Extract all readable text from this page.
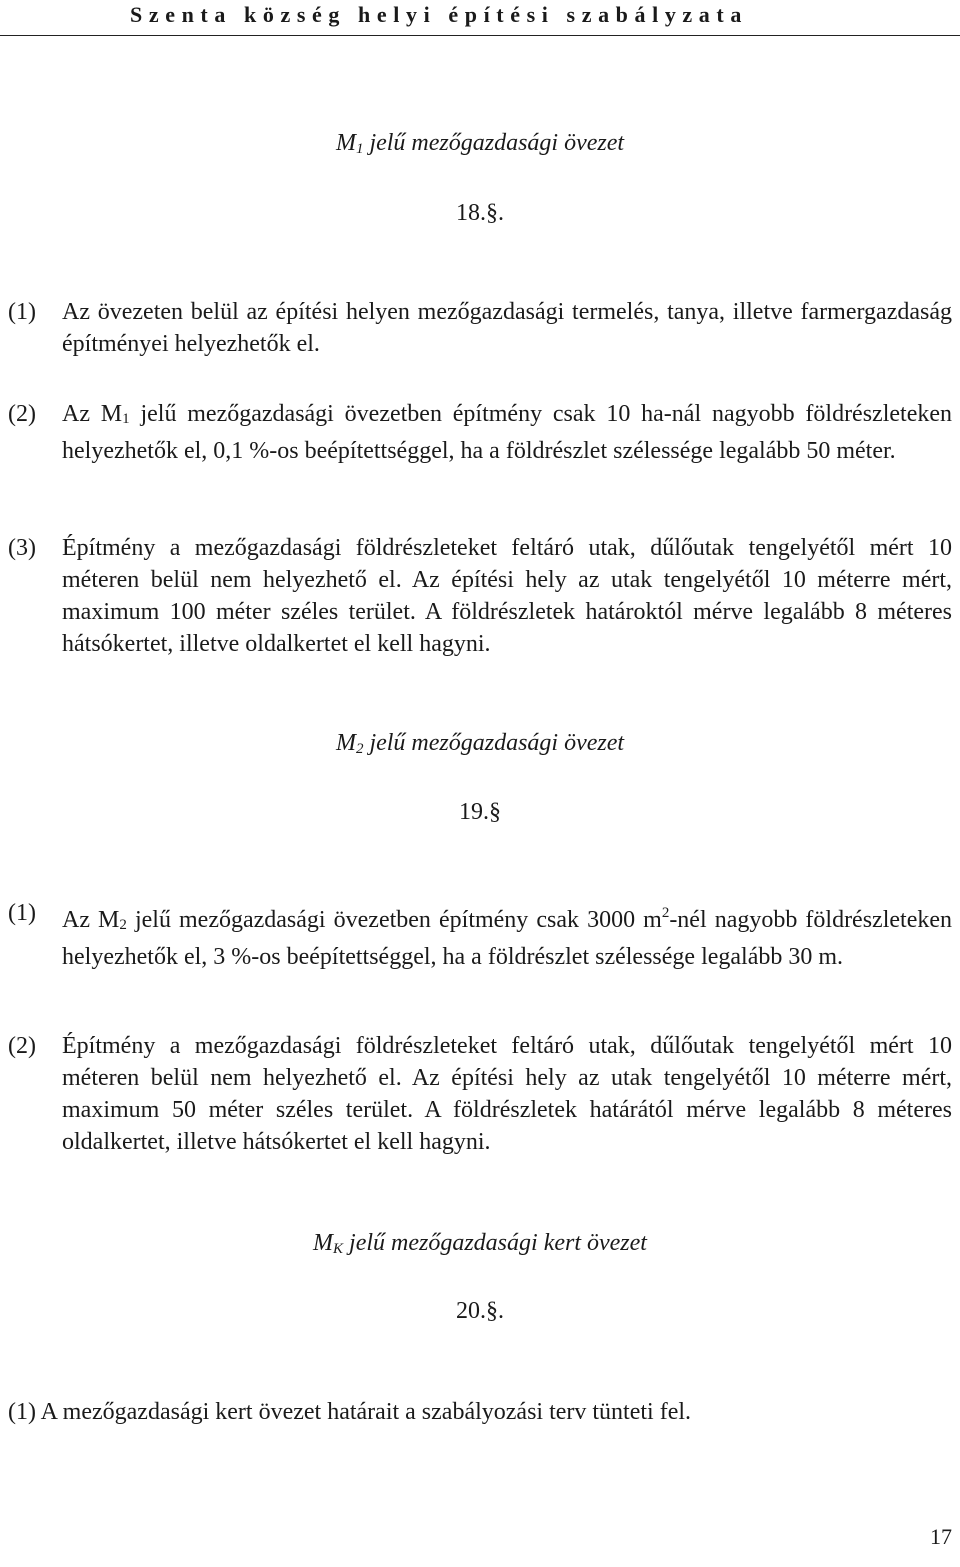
Szenta község helyi építési szabályzata
M1 jelű mezőgazdasági övezet
18.§.
(1)	Az övezeten belül az építési helyen mezőgazdasági termelés, tanya, illetve farmergazdaság építményei helyezhetők el.
(2)	Az M1 jelű mezőgazdasági övezetben építmény csak 10 ha-nál nagyobb földrészleteken helyezhetők el, 0,1 %-os beépítettséggel, ha a földrészlet szélessége legalább 50 méter.
(3)	Építmény a mezőgazdasági földrészleteket feltáró utak, dűlőutak tengelyétől mért 10 méteren belül nem helyezhető el. Az építési hely az utak tengelyétől 10 méterre mért, maximum 100 méter széles terület. A földrészletek határoktól mérve legalább 8 méteres hátsókertet, illetve oldalkertet el kell hagyni.
M2 jelű mezőgazdasági övezet
19.§
(1)	Az M2 jelű mezőgazdasági övezetben építmény csak 3000 $m^2$-nél nagyobb földrészleteken helyezhetők el, 3 %-os beépítettséggel, ha a földrészlet szélessége legalább 30 m.
(2)	Építmény a mezőgazdasági földrészleteket feltáró utak, dűlőutak tengelyétől mért 10 méteren belül nem helyezhető el. Az építési hely az utak tengelyétől 10 méterre mért, maximum 50 méter széles terület. A földrészletek határától mérve legalább 8 méteres oldalkertet, illetve hátsókertet el kell hagyni.
MK jelű mezőgazdasági kert övezet
20.§.
(1) A mezőgazdasági kert övezet határait a szabályozási terv tünteti fel.
17
